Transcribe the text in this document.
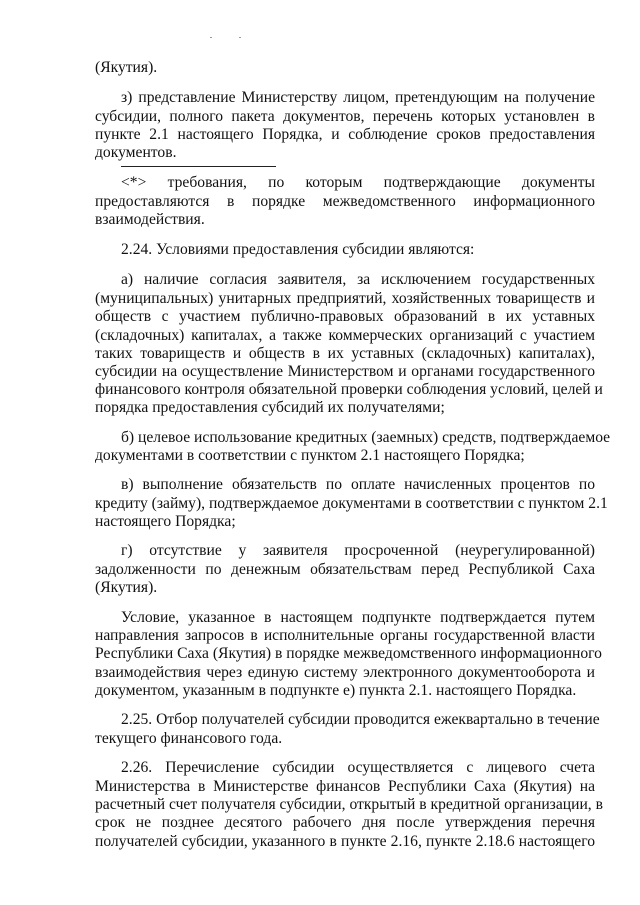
(Якутия).

з) представление Министерству лицом, претендующим на получение

субсидии, полного пакета документов, перечень которых установлен в

пункте 2.1 настоящего Порядка, и соблюдение сроков предоставления

документов.

<*> требования, по которым подтверждающие документы

предоставляются в порядке межведомственного информационного

взаимодействия.

2.24. Условиями предоставления субсидии являются:

а) наличие согласия заявителя, за исключением государственных

(муниципальных) унитарных предприятий, хозяйственных товариществ и

обществ с участием публично-правовых образований в их уставных

(складочных) капиталах, а также коммерческих организаций с участием

таких товариществ и обществ в их уставных (складочных) капиталах),

субсидии на осуществление Министерством и органами государственного

финансового контроля обязательной проверки соблюдения условий, целей и

порядка предоставления субсидий их получателями;

б) целевое использование кредитных (заемных) средств, подтверждаемое

документами в соответствии с пунктом 2.1 настоящего Порядка;

в) выполнение обязательств по оплате начисленных процентов по

кредиту (займу), подтверждаемое документами в соответствии с пунктом 2.1

настоящего Порядка;

г) отсутствие у заявителя просроченной (неурегулированной)

задолженности по денежным обязательствам перед Республикой Саха

(Якутия).

Условие, указанное в настоящем подпункте подтверждается путем

направления запросов в исполнительные органы государственной власти

Республики Саха (Якутия) в порядке межведомственного информационного

взаимодействия через единую систему электронного документооборота и

документом, указанным в подпункте е) пункта 2.1. настоящего Порядка.

2.25. Отбор получателей субсидии проводится ежеквартально в течение

текущего финансового года.

2.26. Перечисление субсидии осуществляется с лицевого счета

Министерства в Министерстве финансов Республики Саха (Якутия) на

расчетный счет получателя субсидии, открытый в кредитной организации, в

срок не позднее десятого рабочего дня после утверждения перечня

получателей субсидии, указанного в пункте 2.16, пункте 2.18.6 настоящего
